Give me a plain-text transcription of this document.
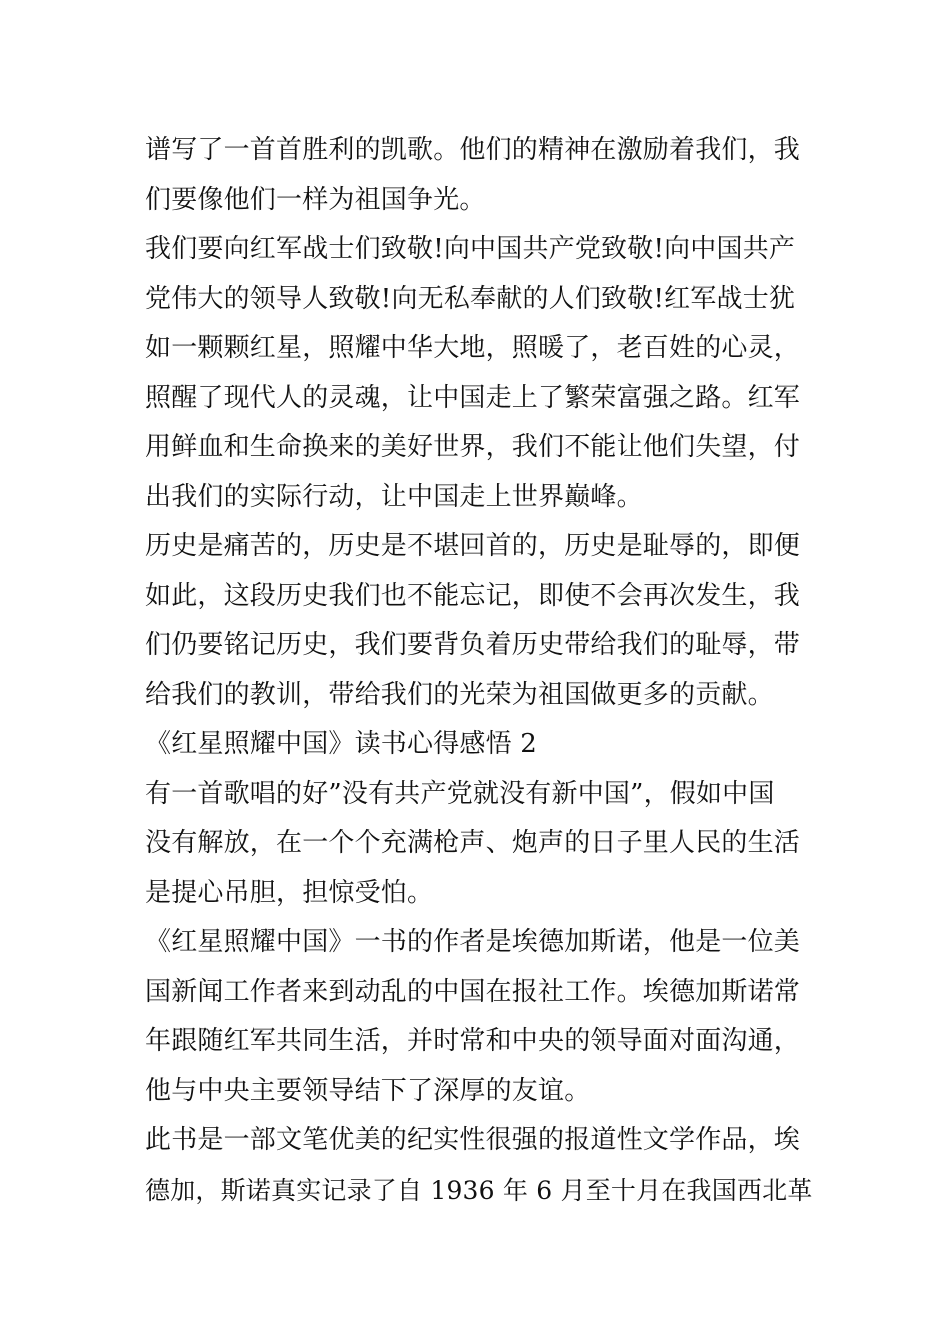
谱写了一首首胜利的凯歌。他们的精神在激励着我们，我
们要像他们一样为祖国争光。
我们要向红军战士们致敬!向中国共产党致敬!向中国共产
党伟大的领导人致敬!向无私奉献的人们致敬!红军战士犹
如一颗颗红星，照耀中华大地，照暖了，老百姓的心灵，
照醒了现代人的灵魂，让中国走上了繁荣富强之路。红军
用鲜血和生命换来的美好世界，我们不能让他们失望，付
出我们的实际行动，让中国走上世界巅峰。
历史是痛苦的，历史是不堪回首的，历史是耻辱的，即便
如此，这段历史我们也不能忘记，即使不会再次发生，我
们仍要铭记历史，我们要背负着历史带给我们的耻辱，带
给我们的教训，带给我们的光荣为祖国做更多的贡献。
《红星照耀中国》读书心得感悟 2
有一首歌唱的好”没有共产党就没有新中国”，假如中国
没有解放，在一个个充满枪声、炮声的日子里人民的生活
是提心吊胆，担惊受怕。
《红星照耀中国》一书的作者是埃德加斯诺，他是一位美
国新闻工作者来到动乱的中国在报社工作。埃德加斯诺常
年跟随红军共同生活，并时常和中央的领导面对面沟通，
他与中央主要领导结下了深厚的友谊。
此书是一部文笔优美的纪实性很强的报道性文学作品，埃
德加，斯诺真实记录了自 1936 年 6 月至十月在我国西北革
